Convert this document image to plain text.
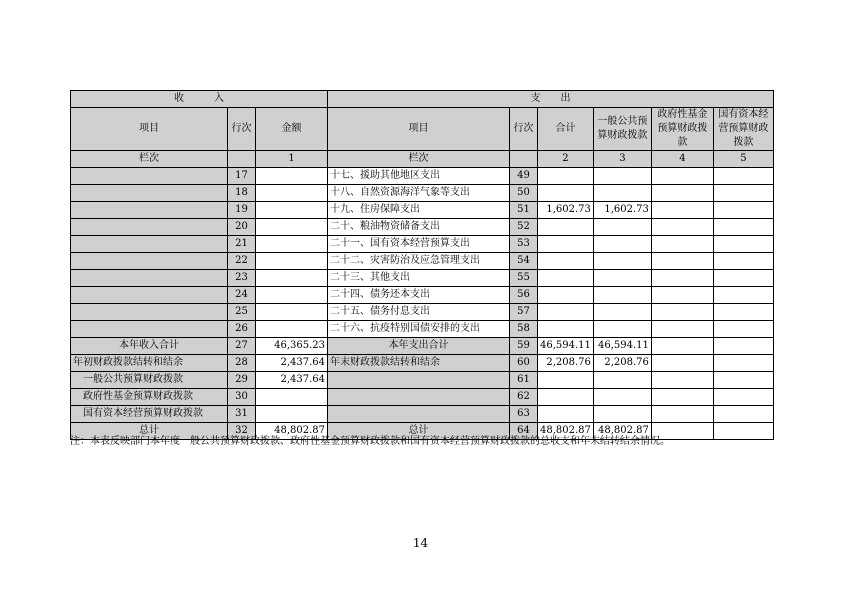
收　　　入			支　　出					
项目	行次	金额	项目	行次	合计	一般公共预算财政拨款	政府性基金预算财政拨款	国有资本经营预算财政拨款
栏次		1	栏次		2	3	4	5
	17		十七、援助其他地区支出	49				
	18		十八、自然资源海洋气象等支出	50				
	19		十九、住房保障支出	51	1,602.73	1,602.73		
	20		二十、粮油物资储备支出	52				
	21		二十一、国有资本经营预算支出	53				
	22		二十二、灾害防治及应急管理支出	54				
	23		二十三、其他支出	55				
	24		二十四、债务还本支出	56				
	25		二十五、债务付息支出	57				
	26		二十六、抗疫特别国债安排的支出	58				
本年收入合计	27	46,365.23	本年支出合计	59	46,594.11	46,594.11		
年初财政拨款结转和结余	28	2,437.64	年末财政拨款结转和结余	60	2,208.76	2,208.76		
一般公共预算财政拨款	29	2,437.64		61				
政府性基金预算财政拨款	30			62				
国有资本经营预算财政拨款	31			63				
总计	32	48,802.87	总计	64	48,802.87	48,802.87		
注：本表反映部门本年度一般公共预算财政拨款、政府性基金预算财政拨款和国有资本经营预算财政拨款的总收支和年末结转结余情况。
14
